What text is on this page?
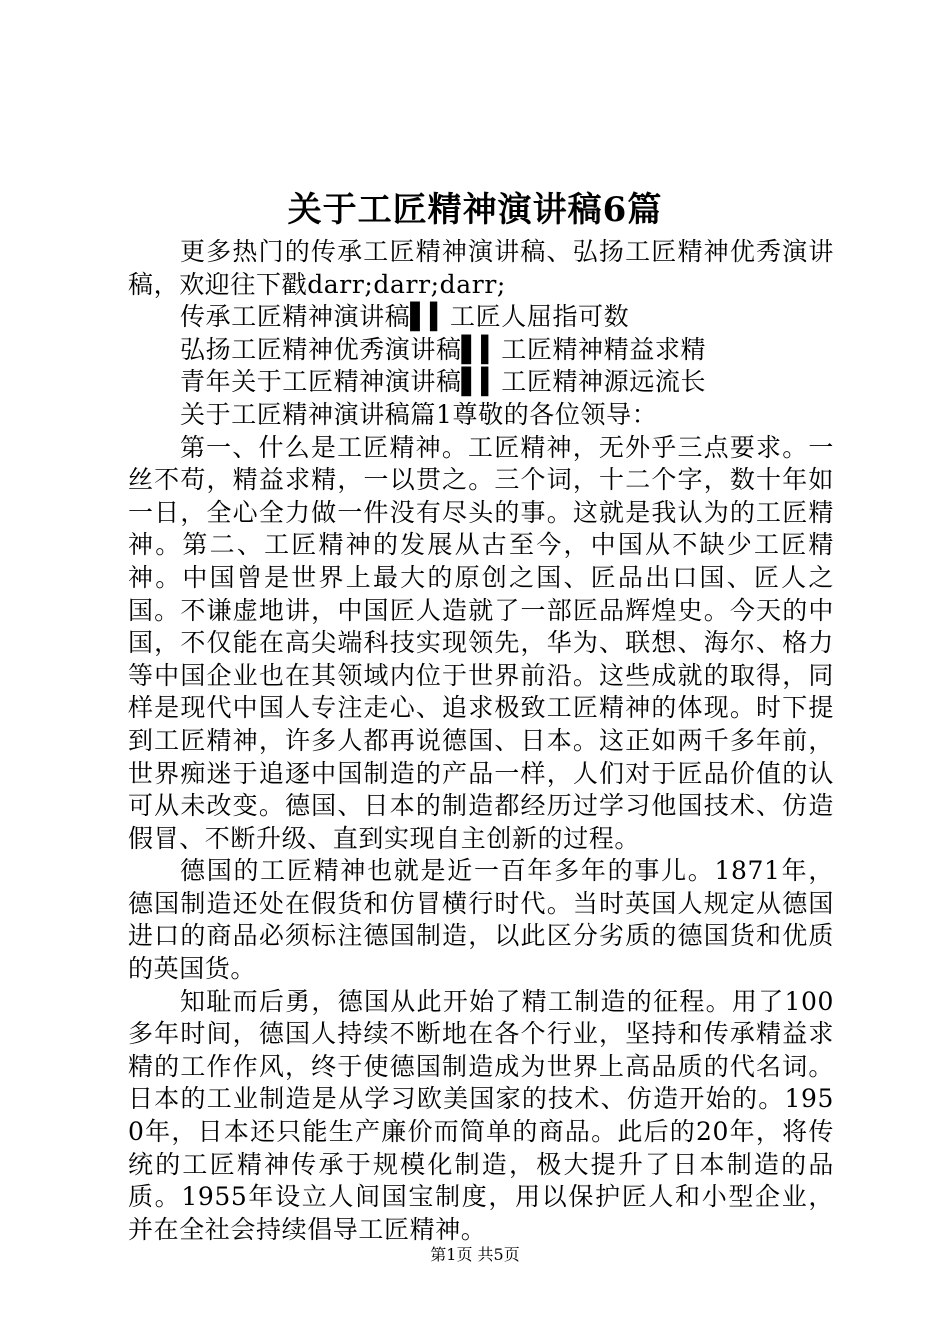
关于工匠精神演讲稿6篇

更多热门的传承工匠精神演讲稿、弘扬工匠精神优秀演讲稿，欢迎往下戳darr;darr;darr;

传承工匠精神演讲稿▌▍工匠人屈指可数

弘扬工匠精神优秀演讲稿▌▍工匠精神精益求精

青年关于工匠精神演讲稿▌▍工匠精神源远流长

关于工匠精神演讲稿篇1尊敬的各位领导：

第一、什么是工匠精神。工匠精神，无外乎三点要求。一丝不苟，精益求精，一以贯之。三个词，十二个字，数十年如一日，全心全力做一件没有尽头的事。这就是我认为的工匠精神。第二、工匠精神的发展从古至今，中国从不缺少工匠精神。中国曾是世界上最大的原创之国、匠品出口国、匠人之国。不谦虚地讲，中国匠人造就了一部匠品辉煌史。今天的中国，不仅能在高尖端科技实现领先，华为、联想、海尔、格力等中国企业也在其领域内位于世界前沿。这些成就的取得，同样是现代中国人专注走心、追求极致工匠精神的体现。时下提到工匠精神，许多人都再说德国、日本。这正如两千多年前，世界痴迷于追逐中国制造的产品一样，人们对于匠品价值的认可从未改变。德国、日本的制造都经历过学习他国技术、仿造假冒、不断升级、直到实现自主创新的过程。

德国的工匠精神也就是近一百年多年的事儿。1871年，德国制造还处在假货和仿冒横行时代。当时英国人规定从德国进口的商品必须标注德国制造，以此区分劣质的德国货和优质的英国货。

知耻而后勇，德国从此开始了精工制造的征程。用了100多年时间，德国人持续不断地在各个行业，坚持和传承精益求精的工作作风，终于使德国制造成为世界上高品质的代名词。日本的工业制造是从学习欧美国家的技术、仿造开始的。1950年，日本还只能生产廉价而简单的商品。此后的20年，将传统的工匠精神传承于规模化制造，极大提升了日本制造的品质。1955年设立人间国宝制度，用以保护匠人和小型企业，并在全社会持续倡导工匠精神。

第1页 共5页
